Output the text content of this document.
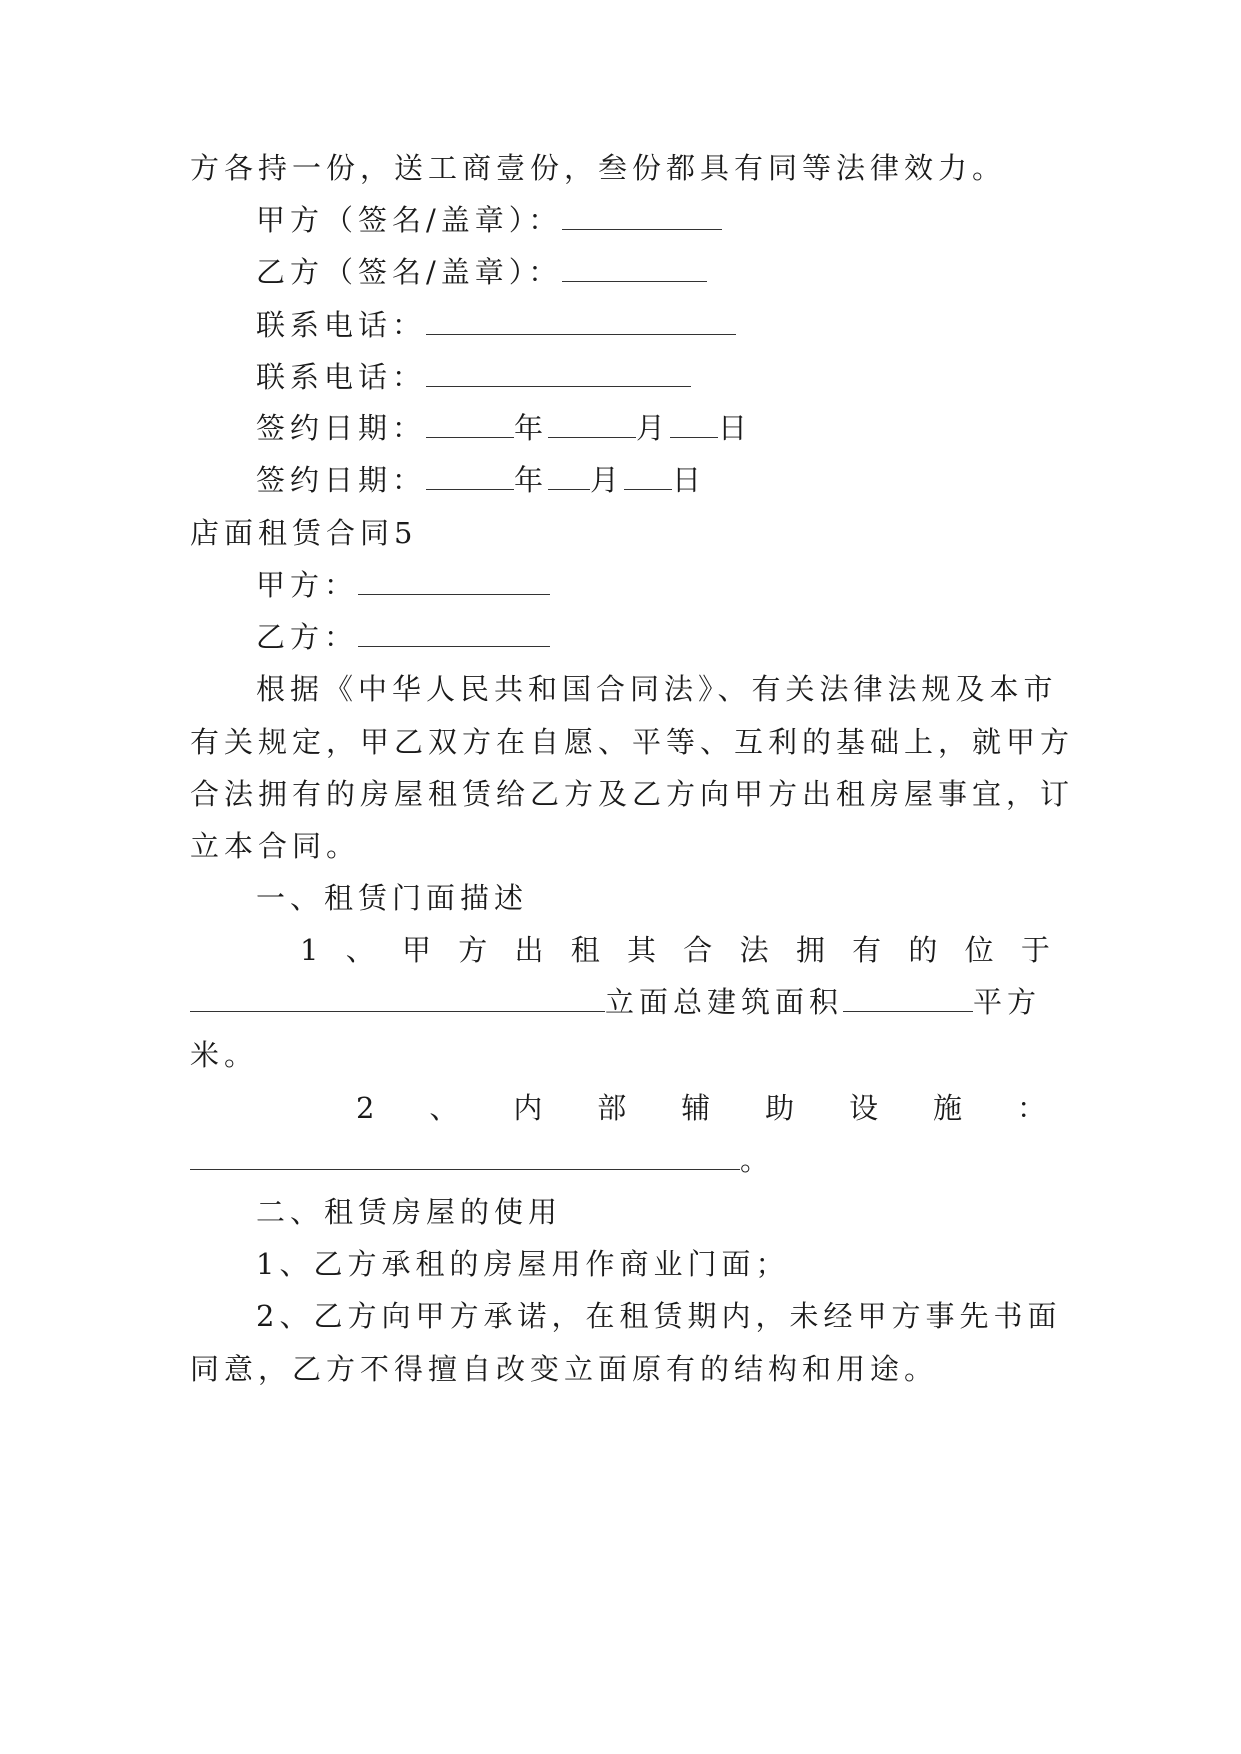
方各持一份，送工商壹份，叁份都具有同等法律效力。
甲方（签名/盖章）：
乙方（签名/盖章）：
联系电话：
联系电话：
签约日期：	年	月 日
签约日期：	年 月 日
店面租赁合同5
甲方：
乙方：
根据《中华人民共和国合同法》、有关法律法规及本市
有关规定，甲乙双方在自愿、平等、互利的基础上，就甲方
合法拥有的房屋租赁给乙方及乙方向甲方出租房屋事宜，订
立本合同。
一、租赁门面描述
1 、 甲 方 出 租 其 合 法 拥 有 的 位 于
立面总建筑面积	平方
米。
2 、 内 部 辅 助 设 施 ：
。
二、租赁房屋的使用
1、乙方承租的房屋用作商业门面；
2、乙方向甲方承诺，在租赁期内，未经甲方事先书面
同意，乙方不得擅自改变立面原有的结构和用途。
